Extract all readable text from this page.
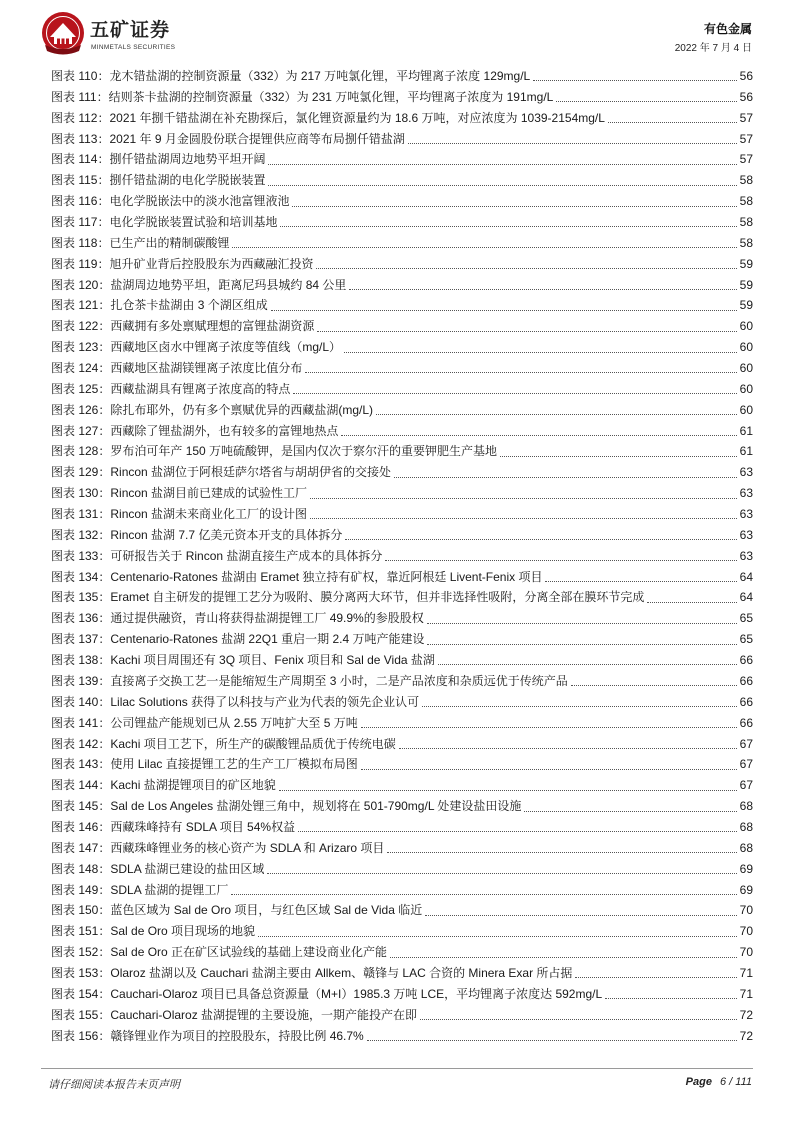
五矿证券
MINMETALS SECURITIES
有色金属
2022 年 7 月 4 日
图表 110：龙木错盐湖的控制资源量（332）为 217 万吨氯化锂，平均锂离子浓度 129mg/L	56
图表 111：结则茶卡盐湖的控制资源量（332）为 231 万吨氯化锂，平均锂离子浓度为 191mg/L	56
图表 112：2021 年捌千错盐湖在补充勘探后，氯化锂资源量约为 18.6 万吨，对应浓度为 1039-2154mg/L	57
图表 113：2021 年 9 月金圆股份联合提锂供应商等布局捌仟错盐湖	57
图表 114：捌仟错盐湖周边地势平坦开阔	57
图表 115：捌仟错盐湖的电化学脱嵌装置	58
图表 116：电化学脱嵌法中的淡水池富锂液池	58
图表 117：电化学脱嵌装置试验和培训基地	58
图表 118：已生产出的精制碳酸锂	58
图表 119：旭升矿业背后控股股东为西藏融汇投资	59
图表 120：盐湖周边地势平坦，距离尼玛县城约 84 公里	59
图表 121：扎仓茶卡盐湖由 3 个湖区组成	59
图表 122：西藏拥有多处禀赋理想的富锂盐湖资源	60
图表 123：西藏地区卤水中锂离子浓度等值线（mg/L）	60
图表 124：西藏地区盐湖镁锂离子浓度比值分布	60
图表 125：西藏盐湖具有锂离子浓度高的特点	60
图表 126：除扎布耶外，仍有多个禀赋优异的西藏盐湖(mg/L)	60
图表 127：西藏除了锂盐湖外，也有较多的富锂地热点	61
图表 128：罗布泊可年产 150 万吨硫酸钾，是国内仅次于察尔汗的重要钾肥生产基地	61
图表 129：Rincon 盐湖位于阿根廷萨尔塔省与胡胡伊省的交接处	63
图表 130：Rincon 盐湖目前已建成的试验性工厂	63
图表 131：Rincon 盐湖未来商业化工厂的设计图	63
图表 132：Rincon 盐湖 7.7 亿美元资本开支的具体拆分	63
图表 133：可研报告关于 Rincon 盐湖直接生产成本的具体拆分	63
图表 134：Centenario-Ratones 盐湖由 Eramet 独立持有矿权，靠近阿根廷 Livent-Fenix 项目	64
图表 135：Eramet 自主研发的提锂工艺分为吸附、膜分离两大环节，但并非选择性吸附，分离全部在膜环节完成	64
图表 136：通过提供融资，青山将获得盐湖提锂工厂 49.9%的参股股权	65
图表 137：Centenario-Ratones 盐湖 22Q1 重启一期 2.4 万吨产能建设	65
图表 138：Kachi 项目周围还有 3Q 项目、Fenix 项目和 Sal de Vida 盐湖	66
图表 139：直接离子交换工艺一是能缩短生产周期至 3 小时，二是产品浓度和杂质远优于传统产品	66
图表 140：Lilac Solutions 获得了以科技与产业为代表的领先企业认可	66
图表 141：公司锂盐产能规划已从 2.55 万吨扩大至 5 万吨	66
图表 142：Kachi 项目工艺下，所生产的碳酸锂品质优于传统电碳	67
图表 143：使用 Lilac 直接提锂工艺的生产工厂模拟布局图	67
图表 144：Kachi 盐湖提锂项目的矿区地貌	67
图表 145：Sal de Los Angeles 盐湖处锂三角中，规划将在 501-790mg/L 处建设盐田设施	68
图表 146：西藏珠峰持有 SDLA 项目 54%权益	68
图表 147：西藏珠峰锂业务的核心资产为 SDLA 和 Arizaro 项目	68
图表 148：SDLA 盐湖已建设的盐田区域	69
图表 149：SDLA 盐湖的提锂工厂	69
图表 150：蓝色区域为 Sal de Oro 项目，与红色区域 Sal de Vida 临近	70
图表 151：Sal de Oro 项目现场的地貌	70
图表 152：Sal de Oro 正在矿区试验线的基础上建设商业化产能	70
图表 153：Olaroz 盐湖以及 Cauchari 盐湖主要由 Allkem、赣锋与 LAC 合资的 Minera Exar 所占据	71
图表 154：Cauchari-Olaroz 项目已具备总资源量（M+I）1985.3 万吨 LCE，平均锂离子浓度达 592mg/L	71
图表 155：Cauchari-Olaroz 盐湖提锂的主要设施，一期产能投产在即	72
图表 156：赣锋锂业作为项目的控股股东，持股比例 46.7%	72
请仔细阅读本报告末页声明	Page 6 / 111
